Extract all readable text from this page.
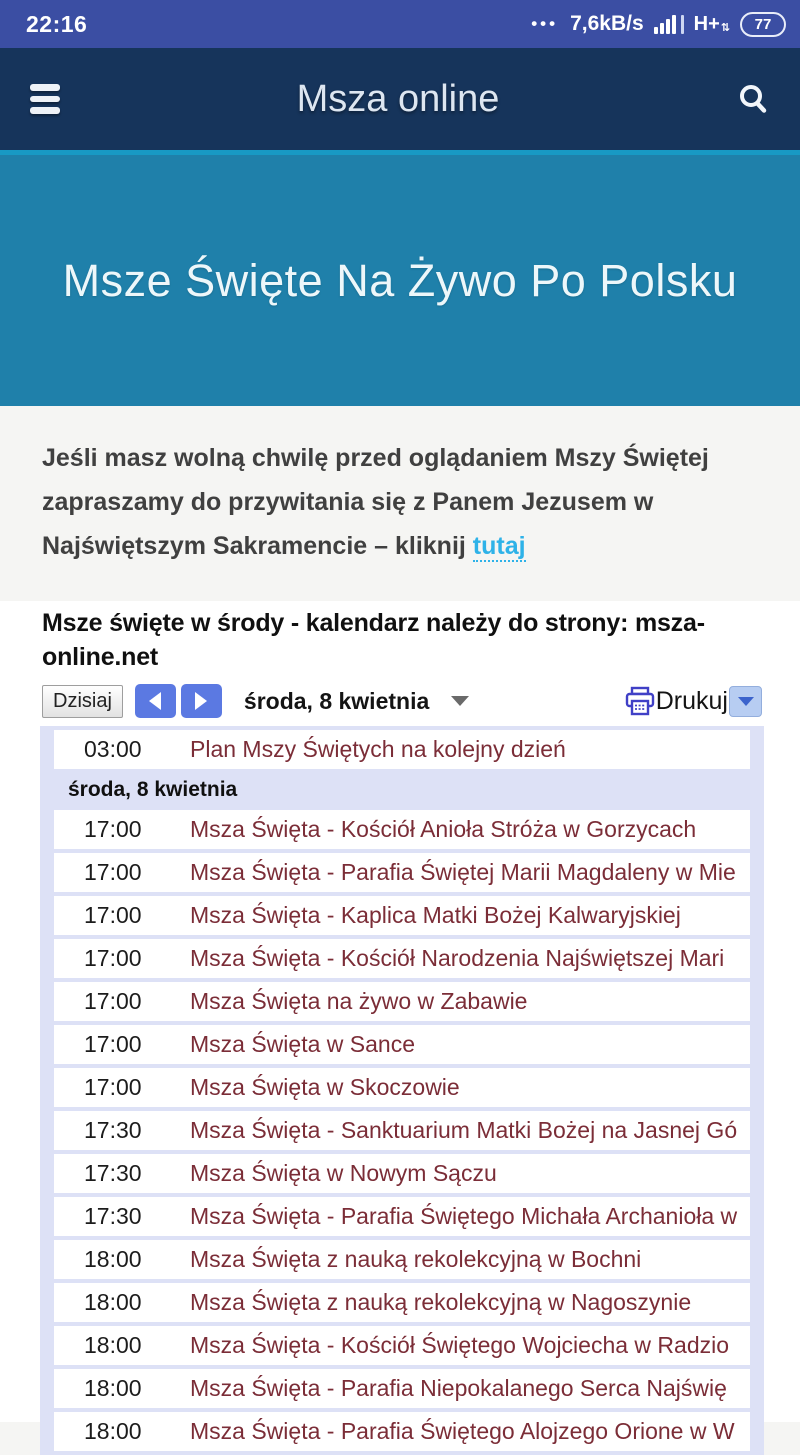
22:16	••• 7,6kB/s	H+ ⇅	77
Msza online
Msze Święte Na Żywo Po Polsku

Jeśli masz wolną chwilę przed oglądaniem Mszy Świętej zapraszamy do przywitania się z Panem Jezusem w Najświętszym Sakramencie – kliknij tutaj

Msze święte w środy - kalendarz należy do strony: msza-online.net
Dzisiaj	środa, 8 kwietnia	Drukuj
03:00	Plan Mszy Świętych na kolejny dzień
środa, 8 kwietnia
17:00	Msza Święta - Kościół Anioła Stróża w Gorzycach
17:00	Msza Święta - Parafia Świętej Marii Magdaleny w Mie
17:00	Msza Święta - Kaplica Matki Bożej Kalwaryjskiej
17:00	Msza Święta - Kościół Narodzenia Najświętszej Mari
17:00	Msza Święta na żywo w Zabawie
17:00	Msza Święta w Sance
17:00	Msza Święta w Skoczowie
17:30	Msza Święta - Sanktuarium Matki Bożej na Jasnej Gó
17:30	Msza Święta w Nowym Sączu
17:30	Msza Święta - Parafia Świętego Michała Archanioła w
18:00	Msza Święta z nauką rekolekcyjną w Bochni
18:00	Msza Święta z nauką rekolekcyjną w Nagoszynie
18:00	Msza Święta - Kościół Świętego Wojciecha w Radzio
18:00	Msza Święta - Parafia Niepokalanego Serca Najświę
18:00	Msza Święta - Parafia Świętego Alojzego Orione w W
